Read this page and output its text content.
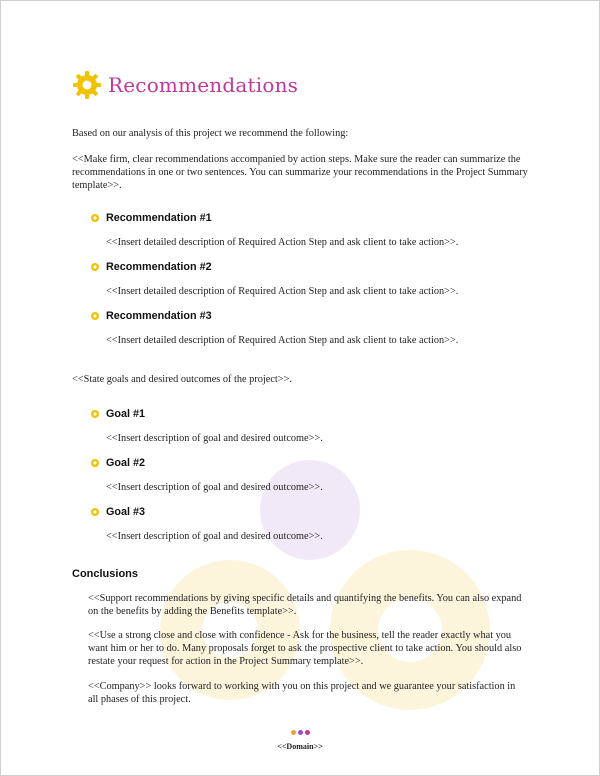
Recommendations
Based on our analysis of this project we recommend the following:
<<Make firm, clear recommendations accompanied by action steps. Make sure the reader can summarize the recommendations in one or two sentences. You can summarize your recommendations in the Project Summary template>>.
Recommendation #1
<<Insert detailed description of Required Action Step and ask client to take action>>.
Recommendation #2
<<Insert detailed description of Required Action Step and ask client to take action>>.
Recommendation #3
<<Insert detailed description of Required Action Step and ask client to take action>>.
<<State goals and desired outcomes of the project>>.
Goal #1
<<Insert description of goal and desired outcome>>.
Goal #2
<<Insert description of goal and desired outcome>>.
Goal #3
<<Insert description of goal and desired outcome>>.
Conclusions
<<Support recommendations by giving specific details and quantifying the benefits. You can also expand on the benefits by adding the Benefits template>>.
<<Use a strong close and close with confidence - Ask for the business, tell the reader exactly what you want him or her to do. Many proposals forget to ask the prospective client to take action. You should also restate your request for action in the Project Summary template>>.
<<Company>> looks forward to working with you on this project and we guarantee your satisfaction in all phases of this project.
<<Domain>>
